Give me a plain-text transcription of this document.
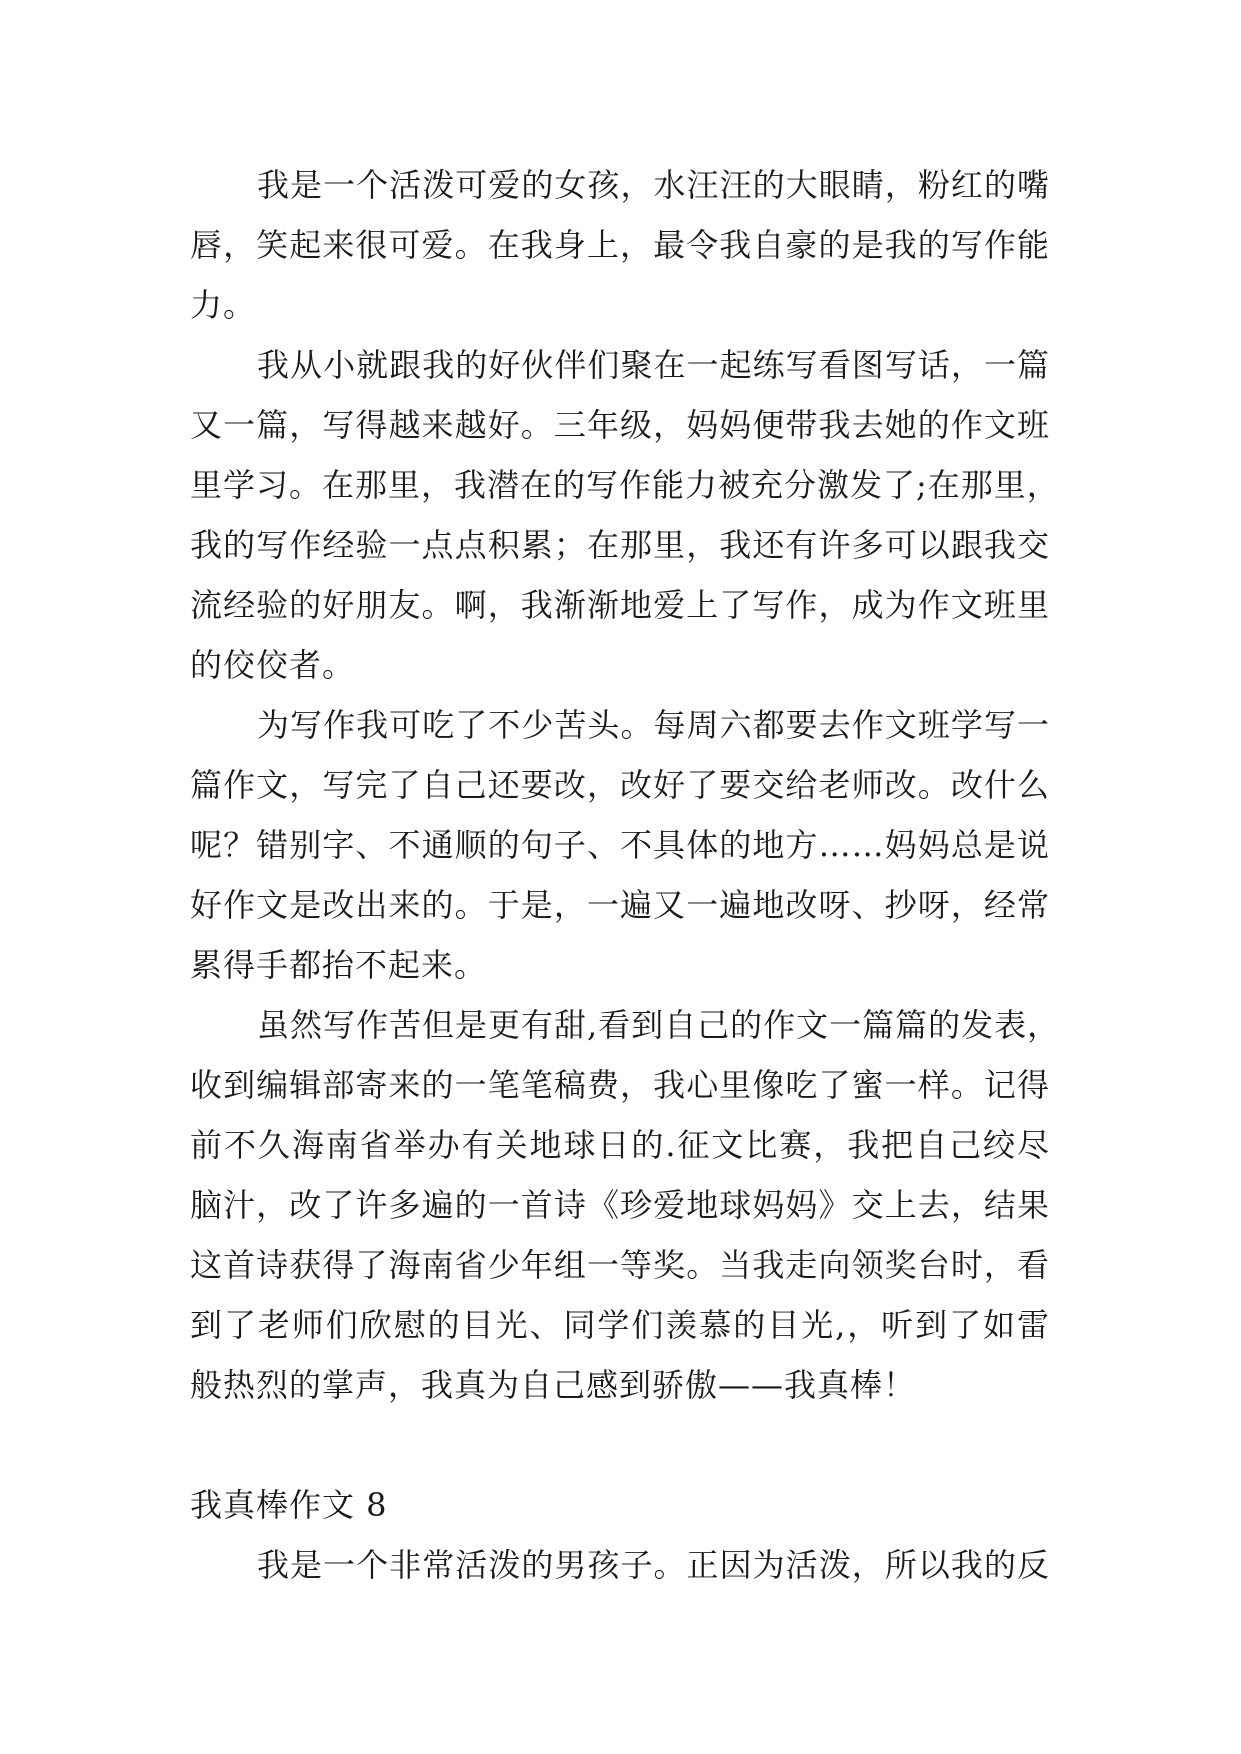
我是一个活泼可爱的女孩，水汪汪的大眼睛，粉红的嘴
唇，笑起来很可爱。在我身上，最令我自豪的是我的写作能
力。
我从小就跟我的好伙伴们聚在一起练写看图写话，一篇
又一篇，写得越来越好。三年级，妈妈便带我去她的作文班
里学习。在那里，我潜在的写作能力被充分激发了;在那里，
我的写作经验一点点积累；在那里，我还有许多可以跟我交
流经验的好朋友。啊，我渐渐地爱上了写作，成为作文班里
的佼佼者。
为写作我可吃了不少苦头。每周六都要去作文班学写一
篇作文，写完了自己还要改，改好了要交给老师改。改什么
呢？错别字、不通顺的句子、不具体的地方……妈妈总是说
好作文是改出来的。于是，一遍又一遍地改呀、抄呀，经常
累得手都抬不起来。
虽然写作苦但是更有甜,看到自己的作文一篇篇的发表，
收到编辑部寄来的一笔笔稿费，我心里像吃了蜜一样。记得
前不久海南省举办有关地球日的.征文比赛，我把自己绞尽
脑汁，改了许多遍的一首诗《珍爱地球妈妈》交上去，结果
这首诗获得了海南省少年组一等奖。当我走向领奖台时，看
到了老师们欣慰的目光、同学们羡慕的目光,，听到了如雷
般热烈的掌声，我真为自己感到骄傲——我真棒！
我真棒作文 8
我是一个非常活泼的男孩子。正因为活泼，所以我的反
